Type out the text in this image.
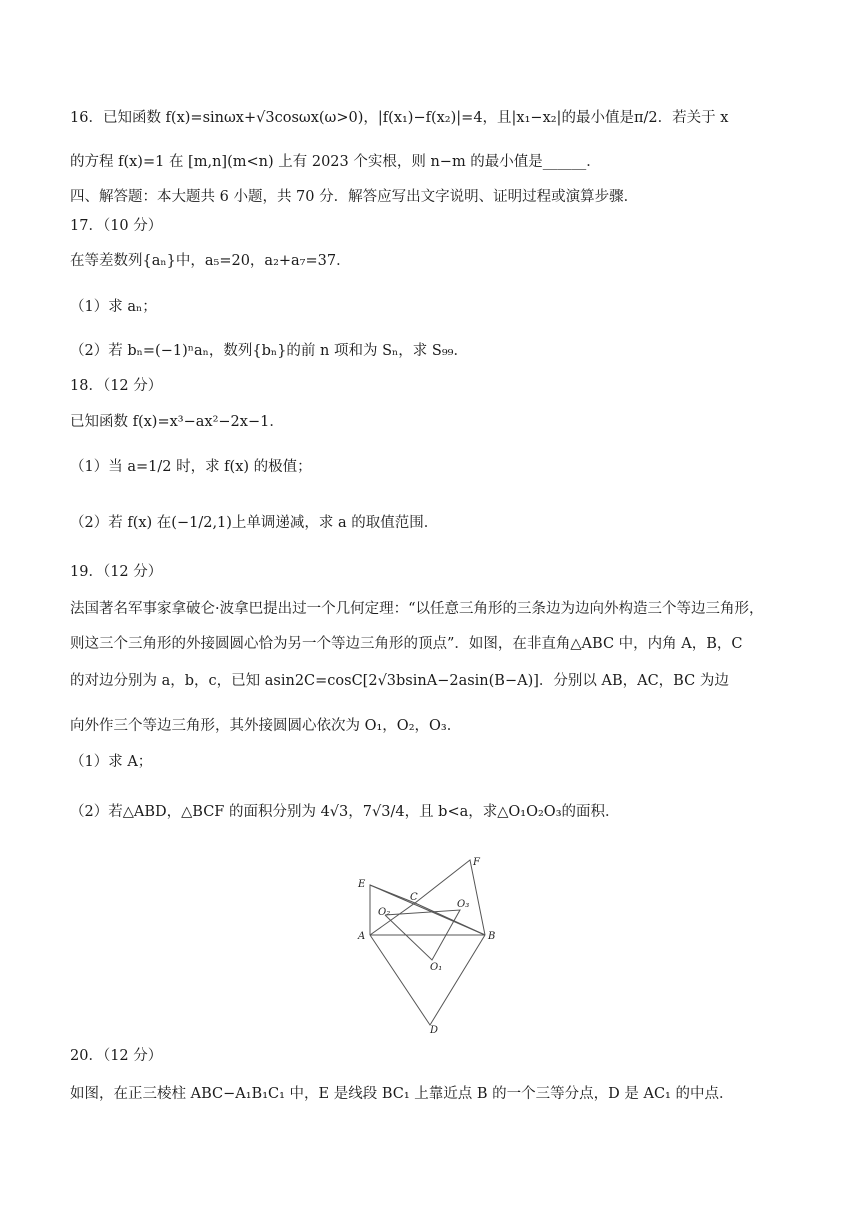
16．已知函数 f(x)=sinωx+√3cosωx(ω>0)，|f(x₁)−f(x₂)|=4，且|x₁−x₂|的最小值是π/2．若关于 x
的方程 f(x)=1 在 [m,n](m<n) 上有 2023 个实根，则 n−m 的最小值是______．
四、解答题：本大题共 6 小题，共 70 分．解答应写出文字说明、证明过程或演算步骤．
17．（10 分）
在等差数列{aₙ}中，a₅=20，a₂+a₇=37．
（1）求 aₙ；
（2）若 bₙ=(−1)ⁿaₙ，数列{bₙ}的前 n 项和为 Sₙ，求 S₉₉．
18．（12 分）
已知函数 f(x)=x³−ax²−2x−1．
（1）当 a=1/2 时，求 f(x) 的极值；
（2）若 f(x) 在(−1/2,1)上单调递减，求 a 的取值范围．
19．（12 分）
法国著名军事家拿破仑·波拿巴提出过一个几何定理：“以任意三角形的三条边为边向外构造三个等边三角形，
则这三个三角形的外接圆圆心恰为另一个等边三角形的顶点”．如图，在非直角△ABC 中，内角 A，B，C
的对边分别为 a，b，c，已知 asin2C=cosC[2√3bsinA−2asin(B−A)]．分别以 AB，AC，BC 为边
向外作三个等边三角形，其外接圆圆心依次为 O₁，O₂，O₃．
（1）求 A；
（2）若△ABD，△BCF 的面积分别为 4√3，7√3/4，且 b<a，求△O₁O₂O₃的面积．
E
F
C
O₂
O₃
A	B
O₁
D
20．（12 分）
如图，在正三棱柱 ABC−A₁B₁C₁ 中，E 是线段 BC₁ 上靠近点 B 的一个三等分点，D 是 AC₁ 的中点．
